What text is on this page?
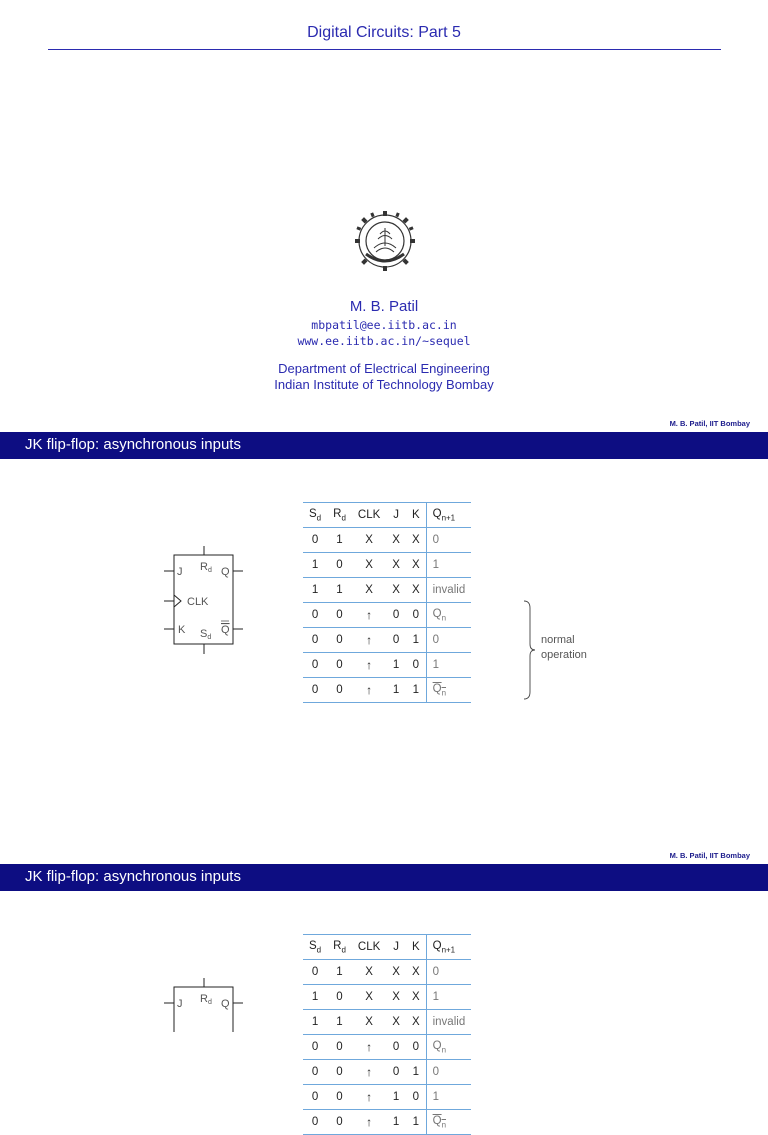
Digital Circuits: Part 5
M. B. Patil
mbpatil@ee.iitb.ac.in
www.ee.iitb.ac.in/~sequel
Department of Electrical Engineering
Indian Institute of Technology Bombay
M. B. Patil, IIT Bombay
JK flip-flop: asynchronous inputs
J Rd Q
CLK
K Sd
Q
$S_d$	$R_d$	CLK	J	K	$Q_{n+1}$
0	1	X	X	X	0
1	0	X	X	X	1
1	1	X	X	X	invalid
0	0	↑	0	0	$Q_n$
0	0	↑	0	1	0
0	0	↑	1	0	1
0	0	↑	1	1	$Q_n$
normal
operation
M. B. Patil, IIT Bombay
JK flip-flop: asynchronous inputs
J Rd Q
$S_d$	$R_d$	CLK	J	K	$Q_{n+1}$
0	1	X	X	X	0
1	0	X	X	X	1
1	1	X	X	X	invalid
0	0	↑	0	0	$Q_n$
0	0	↑	0	1	0
0	0	↑	1	0	1
0	0	↑	1	1	$Q_n$
